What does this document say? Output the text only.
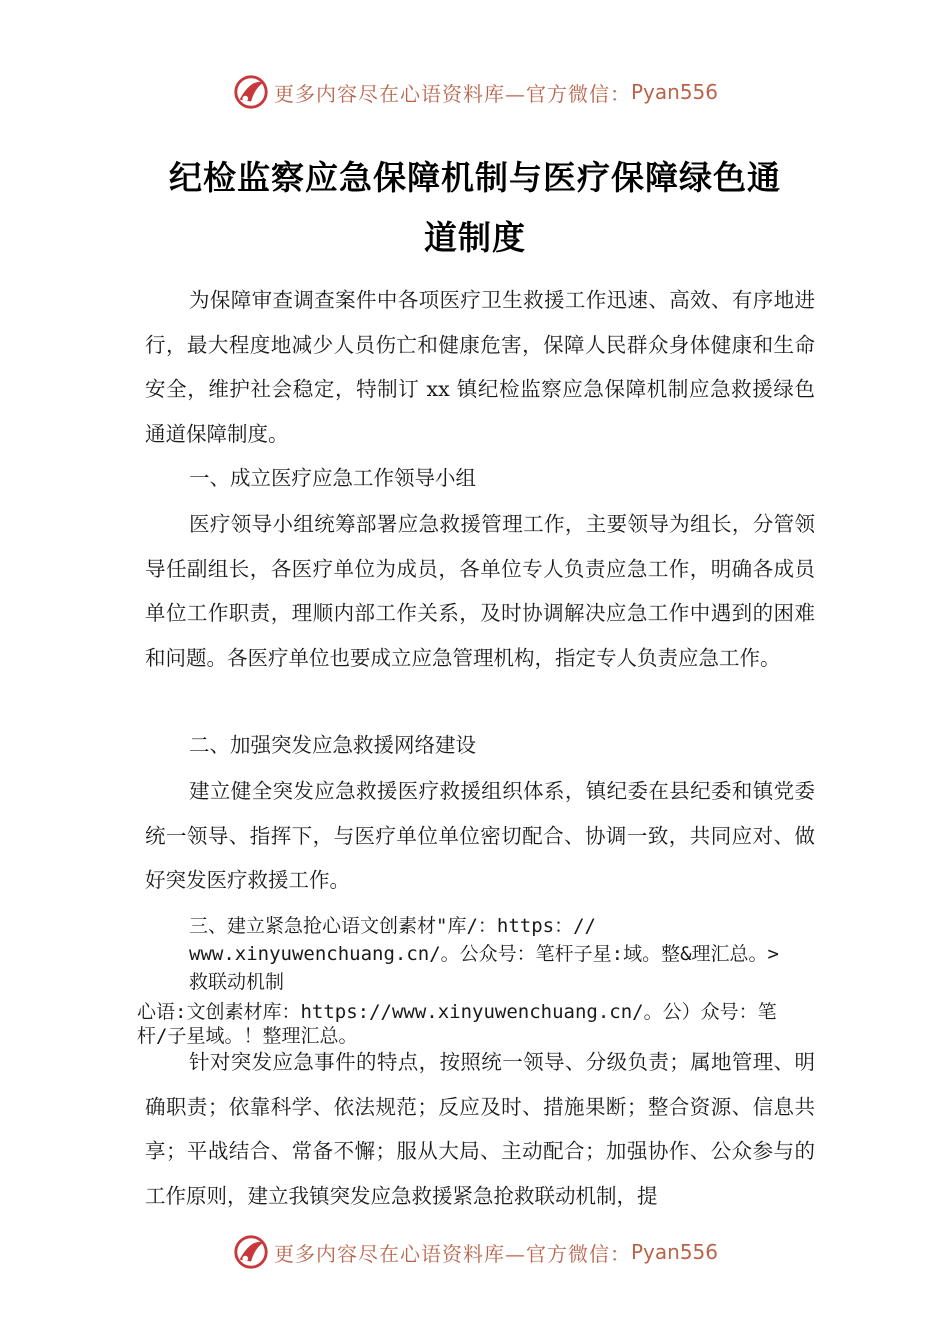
更多内容尽在心语资料库—官方微信： Pyan556
纪检监察应急保障机制与医疗保障绿色通
道制度

为保障审查调查案件中各项医疗卫生救援工作迅速、高效、有序地进行，最大程度地减少人员伤亡和健康危害，保障人民群众身体健康和生命安全，维护社会稳定，特制订 xx 镇纪检监察应急保障机制应急救援绿色通道保障制度。

一、成立医疗应急工作领导小组

医疗领导小组统筹部署应急救援管理工作，主要领导为组长，分管领导任副组长，各医疗单位为成员，各单位专人负责应急工作，明确各成员单位工作职责，理顺内部工作关系，及时协调解决应急工作中遇到的困难和问题。各医疗单位也要成立应急管理机构，指定专人负责应急工作。

二、加强突发应急救援网络建设

建立健全突发应急救援医疗救援组织体系，镇纪委在县纪委和镇党委统一领导、指挥下，与医疗单位单位密切配合、协调一致，共同应对、做好突发医疗救援工作。

三、建立紧急抢心语文创素材"库/：https：//

www.xinyuwenchuang.cn/。公众号：笔杆子星:域。整&理汇总。>

救联动机制

心语:文创素材库：https://www.xinyuwenchuang.cn/。公）众号：笔

杆/子星域。！整理汇总。

针对突发应急事件的特点，按照统一领导、分级负责；属地管理、明确职责；依靠科学、依法规范；反应及时、措施果断；整合资源、信息共享；平战结合、常备不懈；服从大局、主动配合；加强协作、公众参与的工作原则，建立我镇突发应急救援紧急抢救联动机制，提

更多内容尽在心语资料库—官方微信： Pyan556
